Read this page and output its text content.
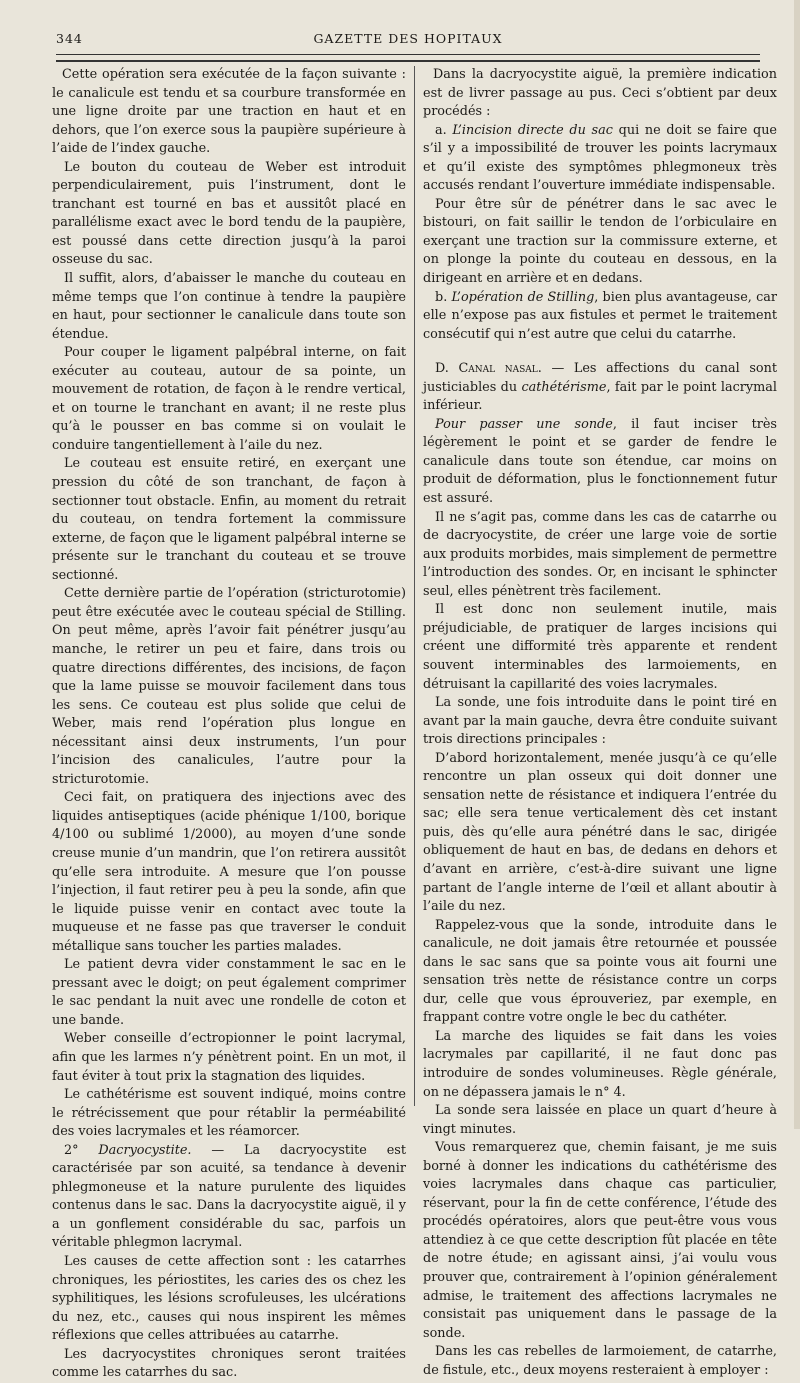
344	GAZETTE DES HOPITAUX

Cette opération sera exécutée de la façon suivante : le canalicule est tendu et sa courbure transformée en une ligne droite par une traction en haut et en dehors, que l’on exerce sous la paupière supérieure à l’aide de l’index gauche.

Le bouton du couteau de Weber est introduit perpendiculairement, puis l’instrument, dont le tranchant est tourné en bas et aussitôt placé en parallélisme exact avec le bord tendu de la paupière, est poussé dans cette direction jusqu’à la paroi osseuse du sac.

Il suffit, alors, d’abaisser le manche du couteau en même temps que l’on continue à tendre la paupière en haut, pour sectionner le canalicule dans toute son étendue.

Pour couper le ligament palpébral interne, on fait exécuter au couteau, autour de sa pointe, un mouvement de rotation, de façon à le rendre vertical, et on tourne le tranchant en avant; il ne reste plus qu’à le pousser en bas comme si on voulait le conduire tangentiellement à l’aile du nez.

Le couteau est ensuite retiré, en exerçant une pression du côté de son tranchant, de façon à sectionner tout obstacle. Enfin, au moment du retrait du couteau, on tendra fortement la commissure externe, de façon que le ligament palpébral interne se présente sur le tranchant du couteau et se trouve sectionné.

Cette dernière partie de l’opération (stricturotomie) peut être exécutée avec le couteau spécial de Stilling. On peut même, après l’avoir fait pénétrer jusqu’au manche, le retirer un peu et faire, dans trois ou quatre directions différentes, des incisions, de façon que la lame puisse se mouvoir facilement dans tous les sens. Ce couteau est plus solide que celui de Weber, mais rend l’opération plus longue en nécessitant ainsi deux instruments, l’un pour l’incision des canalicules, l’autre pour la stricturotomie.

Ceci fait, on pratiquera des injections avec des liquides antiseptiques (acide phénique 1/100, borique 4/100 ou sublimé 1/2000), au moyen d’une sonde creuse munie d’un mandrin, que l’on retirera aussitôt qu’elle sera introduite. A mesure que l’on pousse l’injection, il faut retirer peu à peu la sonde, afin que le liquide puisse venir en contact avec toute la muqueuse et ne fasse pas que traverser le conduit métallique sans toucher les parties malades.

Le patient devra vider constamment le sac en le pressant avec le doigt; on peut également comprimer le sac pendant la nuit avec une rondelle de coton et une bande.

Weber conseille d’ectropionner le point lacrymal, afin que les larmes n’y pénètrent point. En un mot, il faut éviter à tout prix la stagnation des liquides.

Le cathétérisme est souvent indiqué, moins contre le rétrécissement que pour rétablir la perméabilité des voies lacrymales et les réamorcer.

2° Dacryocystite. — La dacryocystite est caractérisée par son acuité, sa tendance à devenir phlegmoneuse et la nature purulente des liquides contenus dans le sac. Dans la dacryocystite aiguë, il y a un gonflement considérable du sac, parfois un véritable phlegmon lacrymal.

Les causes de cette affection sont : les catarrhes chroniques, les périostites, les caries des os chez les syphilitiques, les lésions scrofuleuses, les ulcérations du nez, etc., causes qui nous inspirent les mêmes réflexions que celles attribuées au catarrhe.

Les dacryocystites chroniques seront traitées comme les catarrhes du sac.

Dans la dacryocystite aiguë, la première indication est de livrer passage au pus. Ceci s’obtient par deux procédés :

a. L’incision directe du sac qui ne doit se faire que s’il y a impossibilité de trouver les points lacrymaux et qu’il existe des symptômes phlegmoneux très accusés rendant l’ouverture immédiate indispensable.

Pour être sûr de pénétrer dans le sac avec le bistouri, on fait saillir le tendon de l’orbiculaire en exerçant une traction sur la commissure externe, et on plonge la pointe du couteau en dessous, en la dirigeant en arrière et en dedans.

b. L’opération de Stilling, bien plus avantageuse, car elle n’expose pas aux fistules et permet le traitement consécutif qui n’est autre que celui du catarrhe.

D. Canal nasal. — Les affections du canal sont justiciables du cathétérisme, fait par le point lacrymal inférieur.

Pour passer une sonde, il faut inciser très légèrement le point et se garder de fendre le canalicule dans toute son étendue, car moins on produit de déformation, plus le fonctionnement futur est assuré.

Il ne s’agit pas, comme dans les cas de catarrhe ou de dacryocystite, de créer une large voie de sortie aux produits morbides, mais simplement de permettre l’introduction des sondes. Or, en incisant le sphincter seul, elles pénètrent très facilement.

Il est donc non seulement inutile, mais préjudiciable, de pratiquer de larges incisions qui créent une difformité très apparente et rendent souvent interminables des larmoiements, en détruisant la capillarité des voies lacrymales.

La sonde, une fois introduite dans le point tiré en avant par la main gauche, devra être conduite suivant trois directions principales :

D’abord horizontalement, menée jusqu’à ce qu’elle rencontre un plan osseux qui doit donner une sensation nette de résistance et indiquera l’entrée du sac; elle sera tenue verticalement dès cet instant puis, dès qu’elle aura pénétré dans le sac, dirigée obliquement de haut en bas, de dedans en dehors et d’avant en arrière, c’est-à-dire suivant une ligne partant de l’angle interne de l’œil et allant aboutir à l’aile du nez.

Rappelez-vous que la sonde, introduite dans le canalicule, ne doit jamais être retournée et poussée dans le sac sans que sa pointe vous ait fourni une sensation très nette de résistance contre un corps dur, celle que vous éprouveriez, par exemple, en frappant contre votre ongle le bec du cathéter.

La marche des liquides se fait dans les voies lacrymales par capillarité, il ne faut donc pas introduire de sondes volumineuses. Règle générale, on ne dépassera jamais le n° 4.

La sonde sera laissée en place un quart d’heure à vingt minutes.

Vous remarquerez que, chemin faisant, je me suis borné à donner les indications du cathétérisme des voies lacrymales dans chaque cas particulier, réservant, pour la fin de cette conférence, l’étude des procédés opératoires, alors que peut-être vous vous attendiez à ce que cette description fût placée en tête de notre étude; en agissant ainsi, j’ai voulu vous prouver que, contrairement à l’opinion généralement admise, le traitement des affections lacrymales ne consistait pas uniquement dans le passage de la sonde.

Dans les cas rebelles de larmoiement, de catarrhe, de fistule, etc., deux moyens resteraient à employer :
